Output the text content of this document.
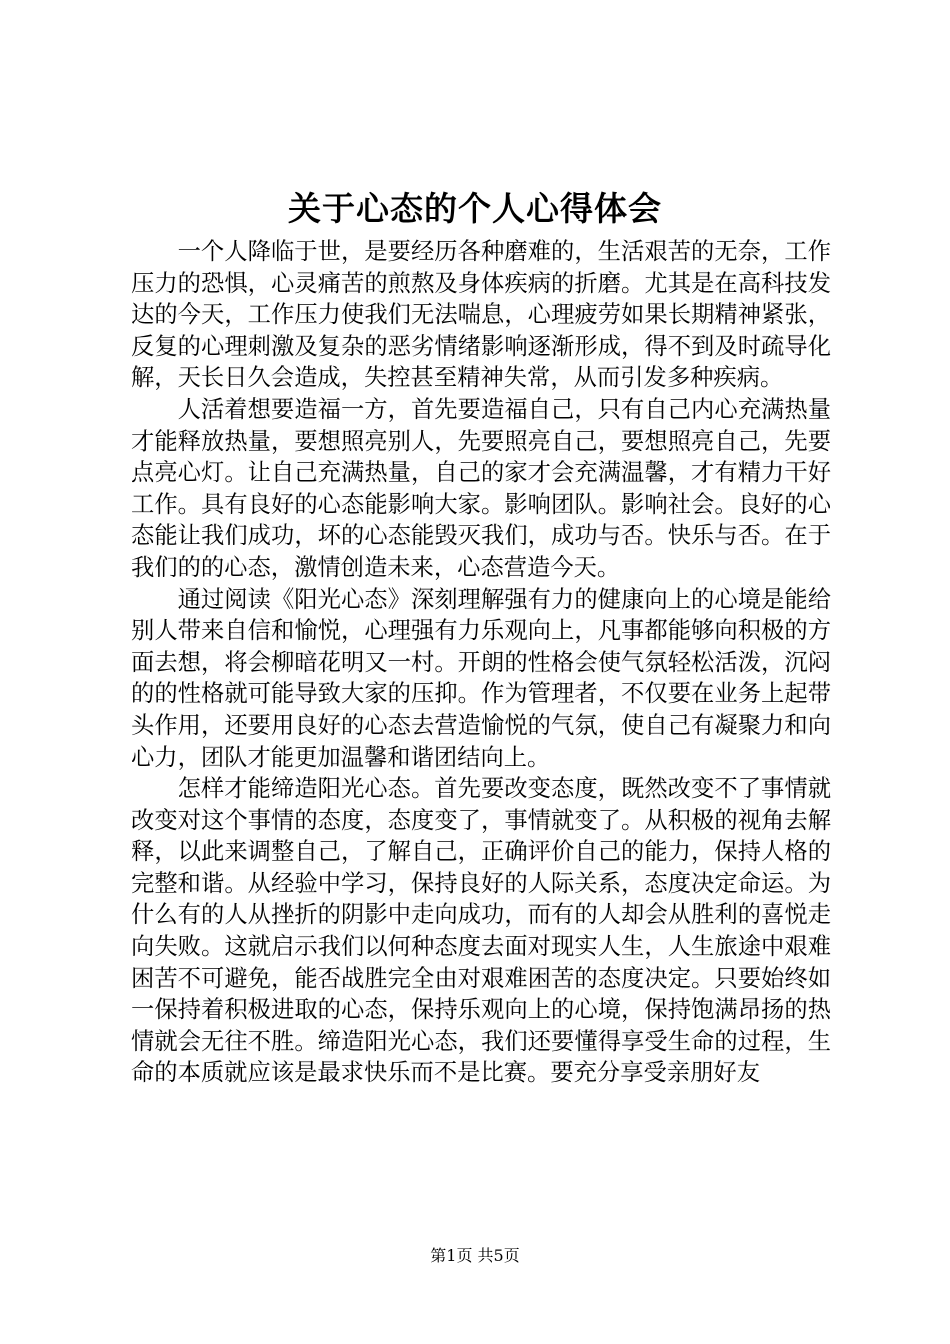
关于心态的个人心得体会

一个人降临于世，是要经历各种磨难的，生活艰苦的无奈，工作压力的恐惧，心灵痛苦的煎熬及身体疾病的折磨。尤其是在高科技发达的今天，工作压力使我们无法喘息，心理疲劳如果长期精神紧张，反复的心理刺激及复杂的恶劣情绪影响逐渐形成，得不到及时疏导化解，天长日久会造成，失控甚至精神失常，从而引发多种疾病。

人活着想要造福一方，首先要造福自己，只有自己内心充满热量才能释放热量，要想照亮别人，先要照亮自己，要想照亮自己，先要点亮心灯。让自己充满热量，自己的家才会充满温馨，才有精力干好工作。具有良好的心态能影响大家。影响团队。影响社会。良好的心态能让我们成功，坏的心态能毁灭我们，成功与否。快乐与否。在于我们的的心态，激情创造未来，心态营造今天。

通过阅读《阳光心态》深刻理解强有力的健康向上的心境是能给别人带来自信和愉悦，心理强有力乐观向上，凡事都能够向积极的方面去想，将会柳暗花明又一村。开朗的性格会使气氛轻松活泼，沉闷的的性格就可能导致大家的压抑。作为管理者，不仅要在业务上起带头作用，还要用良好的心态去营造愉悦的气氛，使自己有凝聚力和向心力，团队才能更加温馨和谐团结向上。

怎样才能缔造阳光心态。首先要改变态度，既然改变不了事情就改变对这个事情的态度，态度变了，事情就变了。从积极的视角去解释，以此来调整自己，了解自己，正确评价自己的能力，保持人格的完整和谐。从经验中学习，保持良好的人际关系，态度决定命运。为什么有的人从挫折的阴影中走向成功，而有的人却会从胜利的喜悦走向失败。这就启示我们以何种态度去面对现实人生，人生旅途中艰难困苦不可避免，能否战胜完全由对艰难困苦的态度决定。只要始终如一保持着积极进取的心态，保持乐观向上的心境，保持饱满昂扬的热情就会无往不胜。缔造阳光心态，我们还要懂得享受生命的过程，生命的本质就应该是最求快乐而不是比赛。要充分享受亲朋好友

第1页 共5页
